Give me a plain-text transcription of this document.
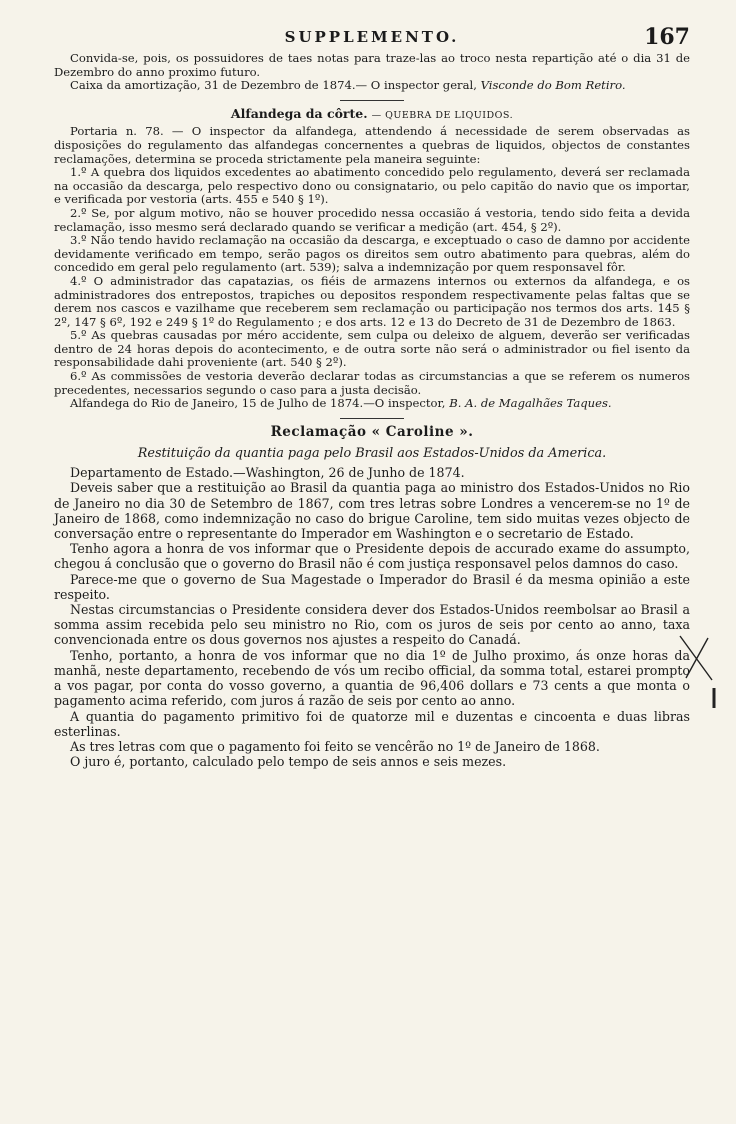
SUPPLEMENTO.	167

Convida-se, pois, os possuidores de taes notas para traze-las ao troco nesta repartição até o dia 31 de Dezembro do anno proximo futuro.

Caixa da amortização, 31 de Dezembro de 1874.— O inspector geral, Visconde do Bom Retiro.

Alfandega da côrte. — QUEBRA DE LIQUIDOS.

Portaria n. 78. — O inspector da alfandega, attendendo á necessidade de serem observadas as disposições do regulamento das alfandegas concernentes a quebras de liquidos, objectos de constantes reclamações, determina se proceda strictamente pela maneira seguinte:

1.º A quebra dos liquidos excedentes ao abatimento concedido pelo regulamento, deverá ser reclamada na occasião da descarga, pelo respectivo dono ou consignatario, ou pelo capitão do navio que os importar, e verificada por vestoria (arts. 455 e 540 § 1º).

2.º Se, por algum motivo, não se houver procedido nessa occasião á vestoria, tendo sido feita a devida reclamação, isso mesmo será declarado quando se verificar a medição (art. 454, § 2º).

3.º Não tendo havido reclamação na occasião da descarga, e exceptuado o caso de damno por accidente devidamente verificado em tempo, serão pagos os direitos sem outro abatimento para quebras, além do concedido em geral pelo regulamento (art. 539); salva a indemnização por quem responsavel fôr.

4.º O administrador das capatazias, os fiéis de armazens internos ou externos da alfandega, e os administradores dos entrepostos, trapiches ou depositos respondem respectivamente pelas faltas que se derem nos cascos e vazilhame que receberem sem reclamação ou participação nos termos dos arts. 145 § 2º, 147 § 6º, 192 e 249 § 1º do Regulamento ; e dos arts. 12 e 13 do Decreto de 31 de Dezembro de 1863.

5.º As quebras causadas por méro accidente, sem culpa ou deleixo de alguem, deverão ser verificadas dentro de 24 horas depois do acontecimento, e de outra sorte não será o administrador ou fiel isento da responsabilidade dahi proveniente (art. 540 § 2º).

6.º As commissões de vestoria deverão declarar todas as circumstancias a que se referem os numeros precedentes, necessarios segundo o caso para a justa decisão.

Alfandega do Rio de Janeiro, 15 de Julho de 1874.—O inspector, B. A. de Magalhães Taques.

Reclamação « Caroline ».
Restituição da quantia paga pelo Brasil aos Estados-Unidos da America.

Departamento de Estado.—Washington, 26 de Junho de 1874.

Deveis saber que a restituição ao Brasil da quantia paga ao ministro dos Estados-Unidos no Rio de Janeiro no dia 30 de Setembro de 1867, com tres letras sobre Londres a vencerem-se no 1º de Janeiro de 1868, como indemnização no caso do brigue Caroline, tem sido muitas vezes objecto de conversação entre o representante do Imperador em Washington e o secretario de Estado.

Tenho agora a honra de vos informar que o Presidente depois de accurado exame do assumpto, chegou á conclusão que o governo do Brasil não é com justiça responsavel pelos damnos do caso.

Parece-me que o governo de Sua Magestade o Imperador do Brasil é da mesma opinião a este respeito.

Nestas circumstancias o Presidente considera dever dos Estados-Unidos reembolsar ao Brasil a somma assim recebida pelo seu ministro no Rio, com os juros de seis por cento ao anno, taxa convencionada entre os dous governos nos ajustes a respeito do Canadá.

Tenho, portanto, a honra de vos informar que no dia 1º de Julho proximo, ás onze horas da manhã, neste departamento, recebendo de vós um recibo official, da somma total, estarei prompto a vos pagar, por conta do vosso governo, a quantia de 96,406 dollars e 73 cents a que monta o pagamento acima referido, com juros á razão de seis por cento ao anno.

A quantia do pagamento primitivo foi de quatorze mil e duzentas e cincoenta e duas libras esterlinas.

As tres letras com que o pagamento foi feito se vencêrão no 1º de Janeiro de 1868.

O juro é, portanto, calculado pelo tempo de seis annos e seis mezes.
